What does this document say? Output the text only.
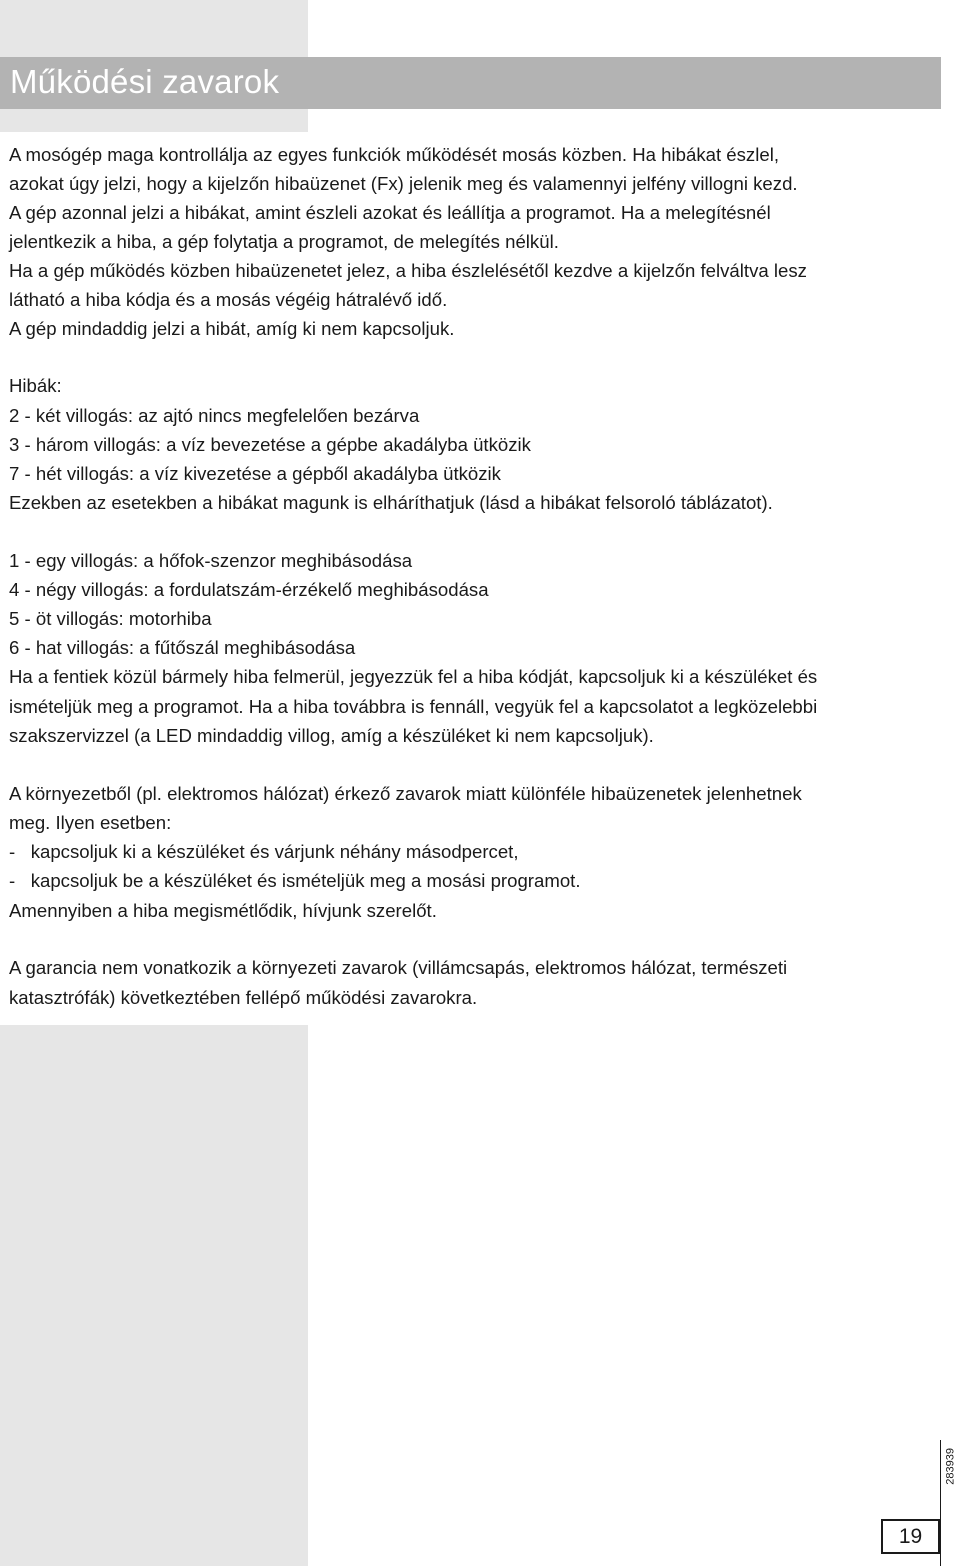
Működési zavarok
A mosógép maga kontrollálja az egyes funkciók működését mosás közben. Ha hibákat észlel,
azokat úgy jelzi, hogy a kijelzőn hibaüzenet (Fx) jelenik meg és valamennyi jelfény villogni kezd.
A gép azonnal jelzi a hibákat, amint észleli azokat és leállítja a programot. Ha a melegítésnél
jelentkezik a hiba, a gép folytatja a programot, de melegítés nélkül.
Ha a gép működés közben hibaüzenetet jelez, a hiba észlelésétől kezdve a kijelzőn felváltva lesz
látható a hiba kódja és a mosás végéig hátralévő idő.
A gép mindaddig jelzi a hibát, amíg ki nem kapcsoljuk.
Hibák:
2 - két villogás: az ajtó nincs megfelelően bezárva
3 - három villogás: a víz bevezetése a gépbe akadályba ütközik
7 - hét villogás: a víz kivezetése a gépből akadályba ütközik
Ezekben az esetekben a hibákat magunk is elháríthatjuk (lásd a hibákat felsoroló táblázatot).
1 - egy villogás: a hőfok-szenzor meghibásodása
4 - négy villogás: a fordulatszám-érzékelő meghibásodása
5 - öt villogás: motorhiba
6 - hat villogás: a fűtőszál meghibásodása
Ha a fentiek közül bármely hiba felmerül, jegyezzük fel a hiba kódját, kapcsoljuk ki a készüléket és
ismételjük meg a programot. Ha a hiba továbbra is fennáll, vegyük fel a kapcsolatot a legközelebbi
szakszervizzel (a LED mindaddig villog, amíg a készüléket ki nem kapcsoljuk).
A környezetből (pl. elektromos hálózat) érkező zavarok miatt különféle hibaüzenetek jelenhetnek
meg. Ilyen esetben:
-   kapcsoljuk ki a készüléket és várjunk néhány másodpercet,
-   kapcsoljuk be a készüléket és ismételjük meg a mosási programot.
Amennyiben a hiba megismétlődik, hívjunk szerelőt.
A garancia nem vonatkozik a környezeti zavarok (villámcsapás, elektromos hálózat, természeti
katasztrófák) következtében fellépő működési zavarokra.
283939
19
